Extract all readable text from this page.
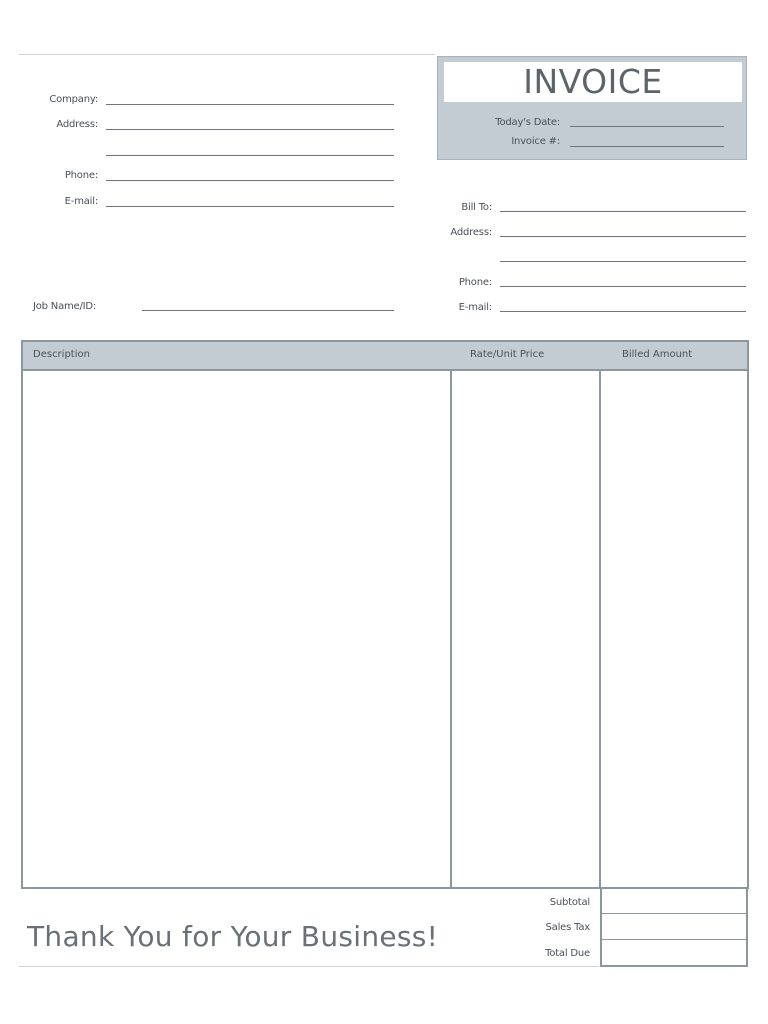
Company:
Address:
Phone:
E-mail:
Job Name/ID:
INVOICE
Today's Date:
Invoice #:
Bill To:
Address:
Phone:
E-mail:
Description	Rate/Unit Price	Billed Amount
Subtotal
Sales Tax
Total Due
Thank You for Your Business!
